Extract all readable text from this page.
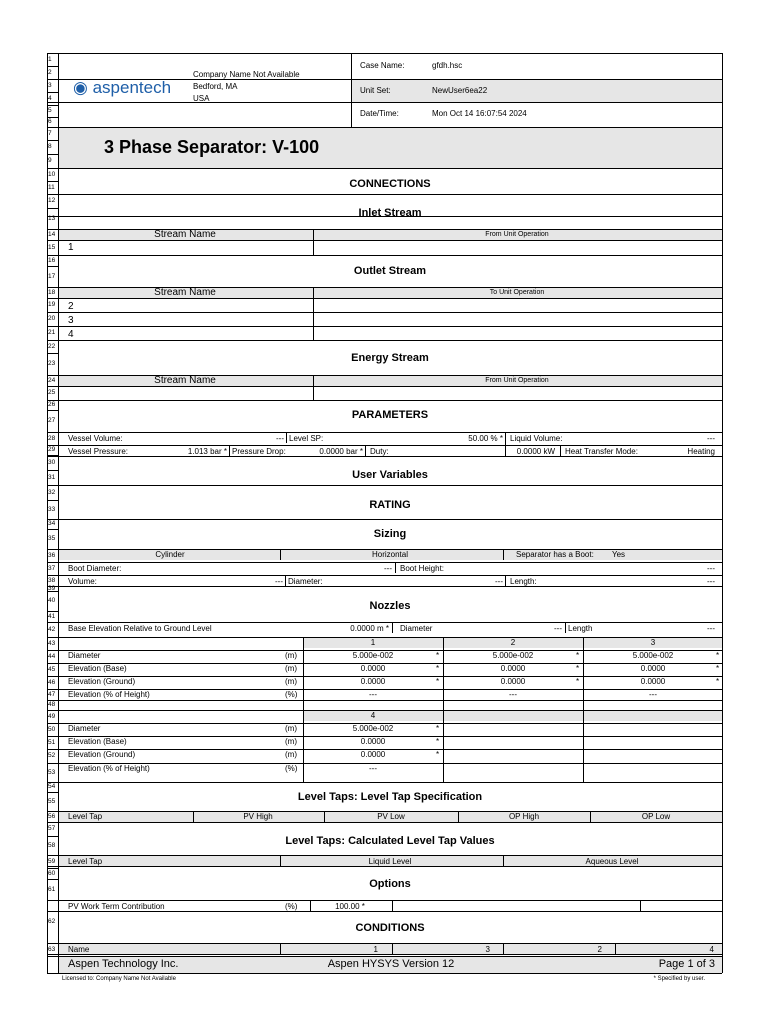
1
2
3
4
5
6
7
8
9
10
11
12
13
14
15
16
17
18
19
20
21
22
23
24
25
26
27
28
29
30
31
32
33
34
35
36
37
38
39
40
41
42
43
44
45
46
47
48
49
50
51
52
53
54
55
56
57
58
59
60
61
62
63
◉ aspentech
Company Name Not Available
Bedford, MA
USA
Case Name:	gfdh.hsc
Unit Set:	NewUser6ea22
Date/Time:	Mon Oct 14 16:07:54 2024
3 Phase Separator: V-100
CONNECTIONS
Inlet Stream
Outlet Stream
Energy Stream
PARAMETERS
User Variables
RATING
Sizing
Nozzles
Level Taps: Level Tap Specification
Level Taps: Calculated Level Tap Values
Options
CONDITIONS
Stream Name	From Unit Operation
1
Stream Name	To Unit Operation
2
3
4
Stream Name	From Unit Operation
Vessel Volume:	--- Level SP:	50.00 % * Liquid Volume:	---
Vessel Pressure:	1.013 bar * Pressure Drop:	0.0000 bar * Duty:	0.0000 kW Heat Transfer Mode:	Heating
Cylinder	Horizontal	Separator has a Boot: Yes
Boot Diameter:	--- Boot Height:	---
Volume:	--- Diameter:	--- Length:	---
Base Elevation Relative to Ground Level	0.0000 m * Diameter	--- Length	---
1	2	3
Diameter	(m)	5.000e-002	*	5.000e-002	*	5.000e-002	*
Elevation (Base)	(m)	0.0000	*	0.0000	*	0.0000	*
Elevation (Ground)	(m)	0.0000	*	0.0000	*	0.0000	*
Elevation (% of Height)	(%)	---	---	---
4
Diameter	(m)	5.000e-002	*
Elevation (Base)	(m)	0.0000	*
Elevation (Ground)	(m)	0.0000	*
Elevation (% of Height)	(%)	---
Level Tap	PV High	PV Low	OP High	OP Low
Level Tap	Liquid Level	Aqueous Level
PV Work Term Contribution	(%)	100.00 *
Name	1	3	2	4
Aspen Technology Inc.	Aspen HYSYS Version 12	Page 1 of 3
Licensed to: Company Name Not Available	* Specified by user.
